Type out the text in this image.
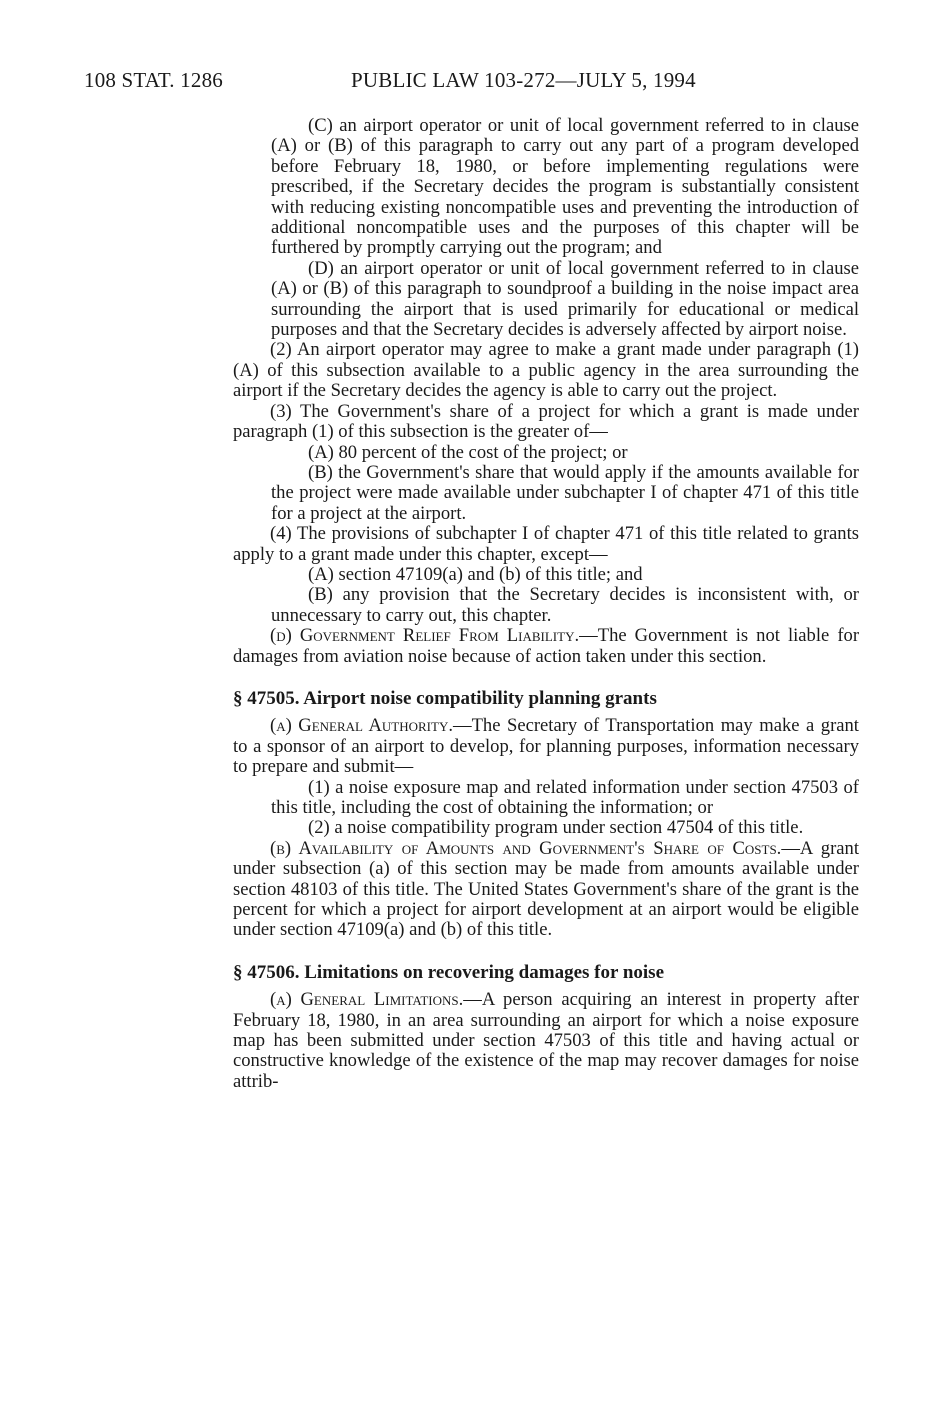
108 STAT. 1286	PUBLIC LAW 103-272—JULY 5, 1994

(C) an airport operator or unit of local government referred to in clause (A) or (B) of this paragraph to carry out any part of a program developed before February 18, 1980, or before implementing regulations were prescribed, if the Secretary decides the program is substantially consistent with reducing existing noncompatible uses and preventing the introduction of additional noncompatible uses and the purposes of this chapter will be furthered by promptly carrying out the program; and

(D) an airport operator or unit of local government referred to in clause (A) or (B) of this paragraph to soundproof a building in the noise impact area surrounding the airport that is used primarily for educational or medical purposes and that the Secretary decides is adversely affected by airport noise.

(2) An airport operator may agree to make a grant made under paragraph (1)(A) of this subsection available to a public agency in the area surrounding the airport if the Secretary decides the agency is able to carry out the project.

(3) The Government's share of a project for which a grant is made under paragraph (1) of this subsection is the greater of—

(A) 80 percent of the cost of the project; or

(B) the Government's share that would apply if the amounts available for the project were made available under subchapter I of chapter 471 of this title for a project at the airport.

(4) The provisions of subchapter I of chapter 471 of this title related to grants apply to a grant made under this chapter, except—

(A) section 47109(a) and (b) of this title; and

(B) any provision that the Secretary decides is inconsistent with, or unnecessary to carry out, this chapter.

(d) Government Relief From Liability.—The Government is not liable for damages from aviation noise because of action taken under this section.

§ 47505. Airport noise compatibility planning grants

(a) General Authority.—The Secretary of Transportation may make a grant to a sponsor of an airport to develop, for planning purposes, information necessary to prepare and submit—

(1) a noise exposure map and related information under section 47503 of this title, including the cost of obtaining the information; or

(2) a noise compatibility program under section 47504 of this title.

(b) Availability of Amounts and Government's Share of Costs.—A grant under subsection (a) of this section may be made from amounts available under section 48103 of this title. The United States Government's share of the grant is the percent for which a project for airport development at an airport would be eligible under section 47109(a) and (b) of this title.

§ 47506. Limitations on recovering damages for noise

(a) General Limitations.—A person acquiring an interest in property after February 18, 1980, in an area surrounding an airport for which a noise exposure map has been submitted under section 47503 of this title and having actual or constructive knowledge of the existence of the map may recover damages for noise attrib-
